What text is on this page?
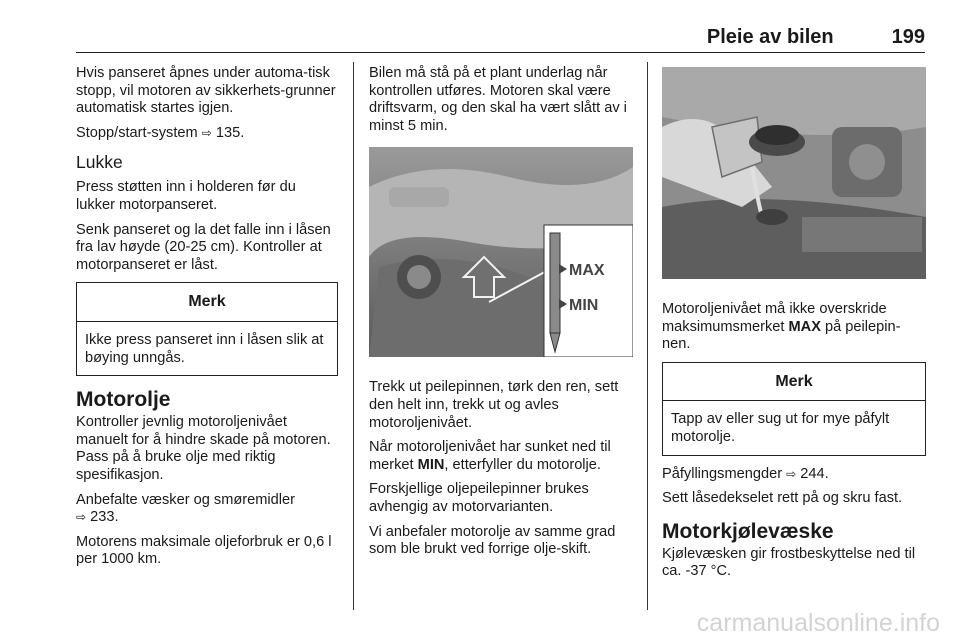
Pleie av bilen	199

Hvis panseret åpnes under automa-tisk stopp, vil motoren av sikkerhets-grunner automatisk startes igjen.

Stopp/start-system ⇨ 135.

Lukke

Press støtten inn i holderen før du lukker motorpanseret.

Senk panseret og la det falle inn i låsen fra lav høyde (20-25 cm). Kontroller at motorpanseret er låst.

Merk
Ikke press panseret inn i låsen slik at bøying unngås.
Motorolje

Kontroller jevnlig motoroljenivået manuelt for å hindre skade på motoren. Pass på å bruke olje med riktig spesifikasjon.

Anbefalte væsker og smøremidler
⇨ 233.

Motorens maksimale oljeforbruk er 0,6 l per 1000 km.

Bilen må stå på et plant underlag når kontrollen utføres. Motoren skal være driftsvarm, og den skal ha vært slått av i minst 5 min.

MAX
MIN

Trekk ut peilepinnen, tørk den ren, sett den helt inn, trekk ut og avles motoroljenivået.

Når motoroljenivået har sunket ned til merket MIN, etterfyller du motorolje.

Forskjellige oljepeilepinner brukes avhengig av motorvarianten.

Vi anbefaler motorolje av samme grad som ble brukt ved forrige olje-skift.

Motoroljenivået må ikke overskride maksimumsmerket MAX på peilepin-nen.

Merk
Tapp av eller sug ut for mye påfylt motorolje.

Påfyllingsmengder ⇨ 244.

Sett låsedekselet rett på og skru fast.

Motorkjølevæske

Kjølevæsken gir frostbeskyttelse ned til ca. -37 °C.

carmanualsonline.info
